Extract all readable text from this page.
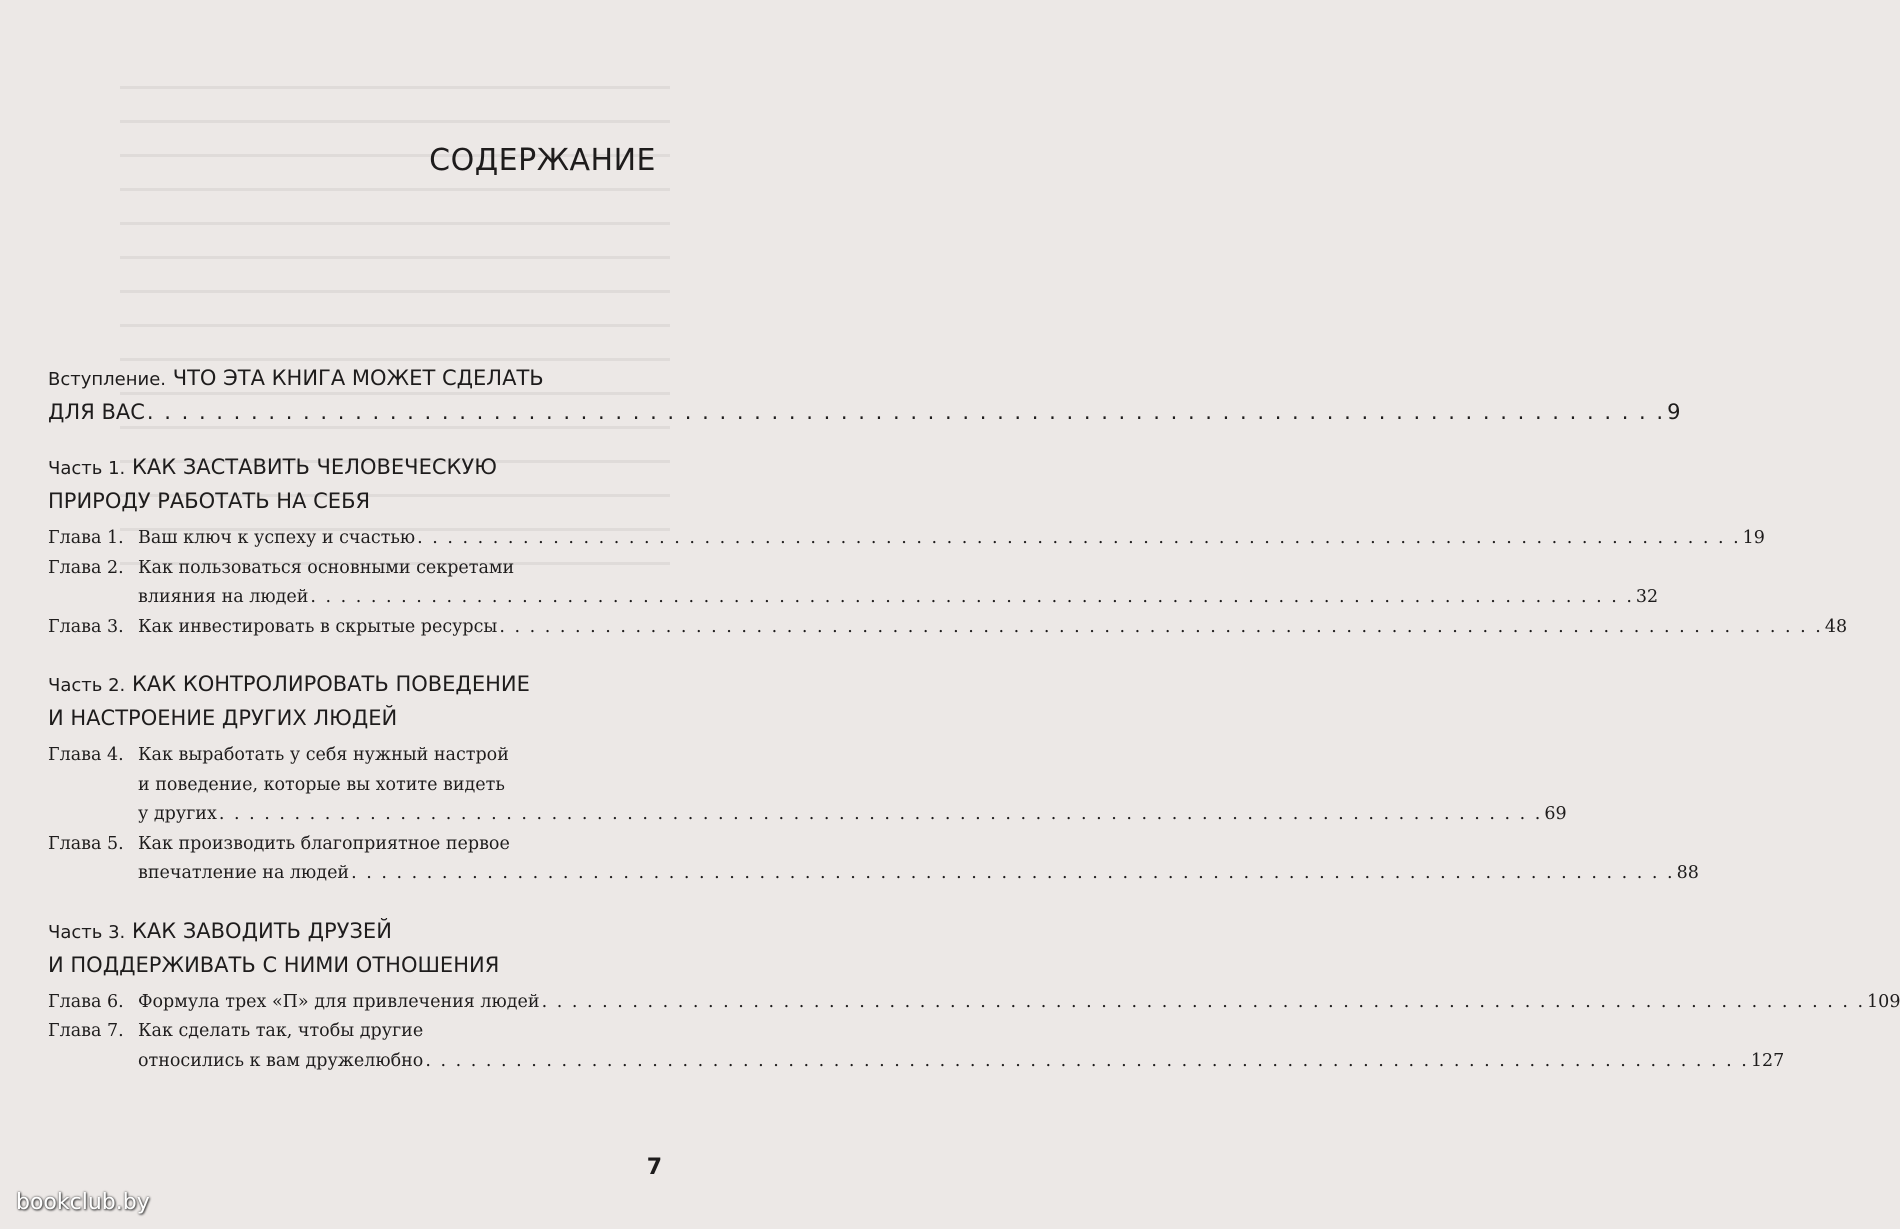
СОДЕРЖАНИЕ
Вступление. ЧТО ЭТА КНИГА МОЖЕТ СДЕЛАТЬ
ДЛЯ ВАС . . .	9
Часть 1. КАК ЗАСТАВИТЬ ЧЕЛОВЕЧЕСКУЮ
ПРИРОДУ РАБОТАТЬ НА СЕБЯ
Глава 1. Ваш ключ к успеху и счастью . . .	19
Глава 2. Как пользоваться основными секретами
влияния на людей . . .	32
Глава 3. Как инвестировать в скрытые ресурсы . . .	48
Часть 2. КАК КОНТРОЛИРОВАТЬ ПОВЕДЕНИЕ
И НАСТРОЕНИЕ ДРУГИХ ЛЮДЕЙ
Глава 4. Как выработать у себя нужный настрой
и поведение, которые вы хотите видеть
у других . . .	69
Глава 5. Как производить благоприятное первое
впечатление на людей . . .	88
Часть 3. КАК ЗАВОДИТЬ ДРУЗЕЙ
И ПОДДЕРЖИВАТЬ С НИМИ ОТНОШЕНИЯ
Глава 6. Формула трех «П» для привлечения людей . . .	109
Глава 7. Как сделать так, чтобы другие
относились к вам дружелюбно . . .	127
7
bookclub.by
